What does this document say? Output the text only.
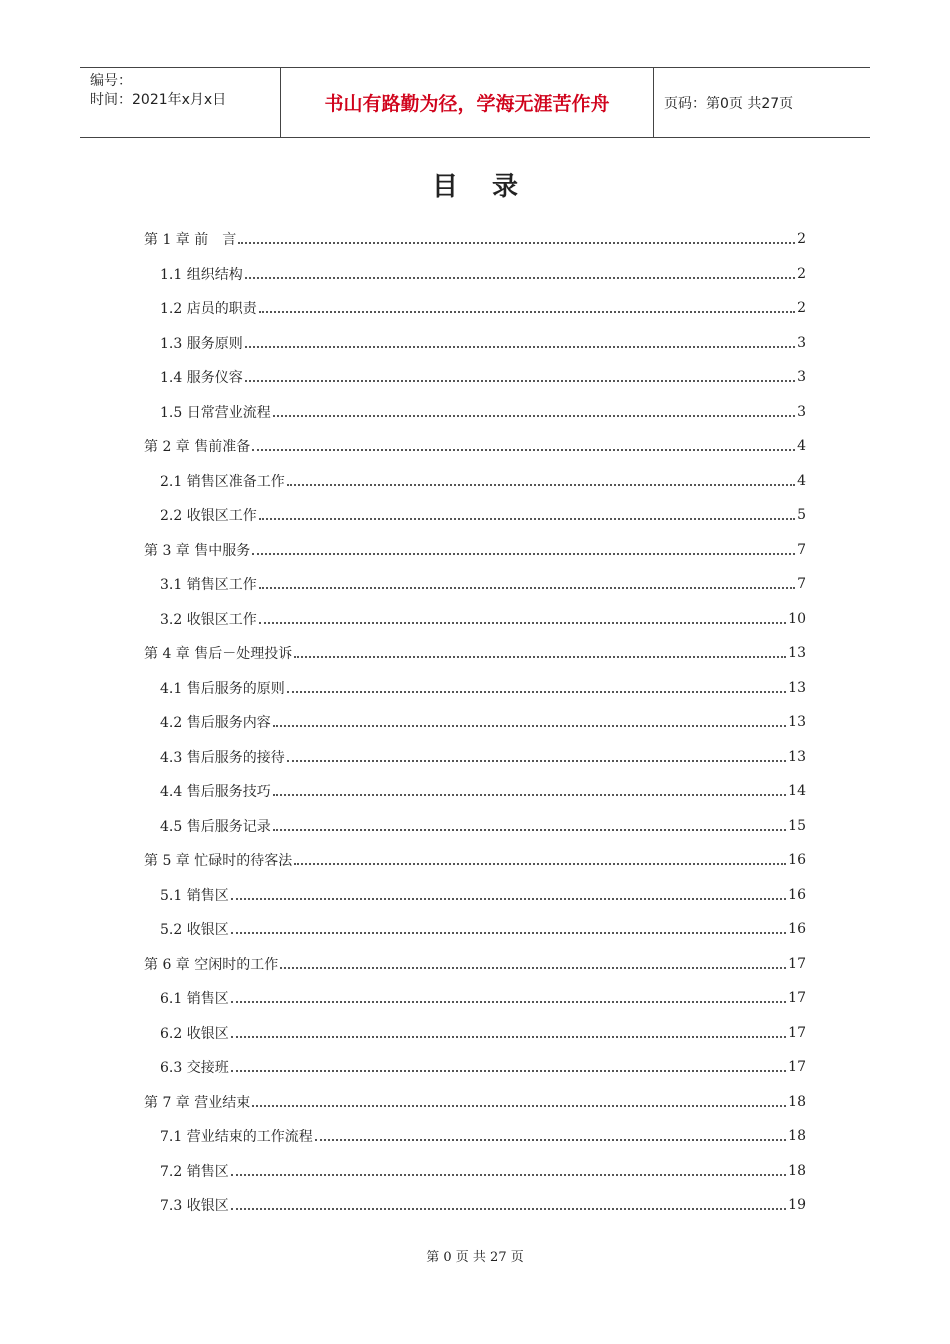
编号：
时间：2021年x月x日	书山有路勤为径，学海无涯苦作舟	页码：第0页 共27页
目录
第 1 章 前　言	2
1.1 组织结构	2
1.2 店员的职责	2
1.3 服务原则	3
1.4 服务仪容	3
1.5 日常营业流程	3
第 2 章 售前准备	4
2.1 销售区准备工作	4
2.2 收银区工作	5
第 3 章 售中服务	7
3.1 销售区工作	7
3.2 收银区工作	10
第 4 章 售后－处理投诉	13
4.1 售后服务的原则	13
4.2 售后服务内容	13
4.3 售后服务的接待	13
4.4 售后服务技巧	14
4.5 售后服务记录	15
第 5 章 忙碌时的待客法	16
5.1 销售区	16
5.2 收银区	16
第 6 章 空闲时的工作	17
6.1 销售区	17
6.2 收银区	17
6.3 交接班	17
第 7 章 营业结束	18
7.1 营业结束的工作流程	18
7.2 销售区	18
7.3 收银区	19
第 0 页 共 27 页
